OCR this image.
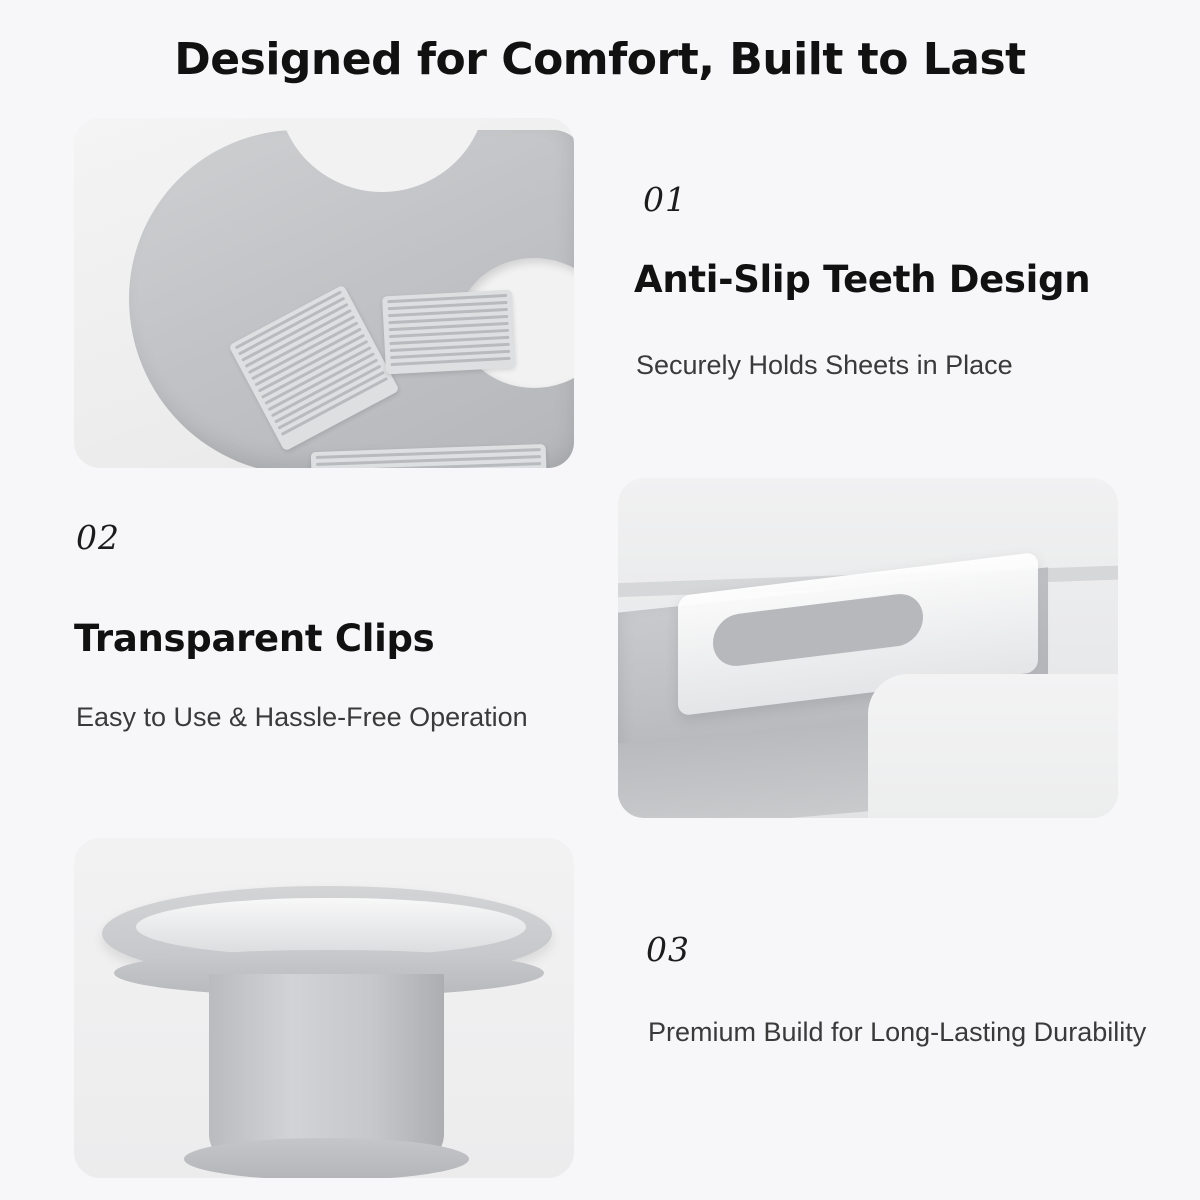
Designed for Comfort, Built to Last
01
Anti-Slip Teeth Design
Securely Holds Sheets in Place
02
Transparent Clips
Easy to Use & Hassle-Free Operation
03
Premium Build for Long-Lasting Durability
